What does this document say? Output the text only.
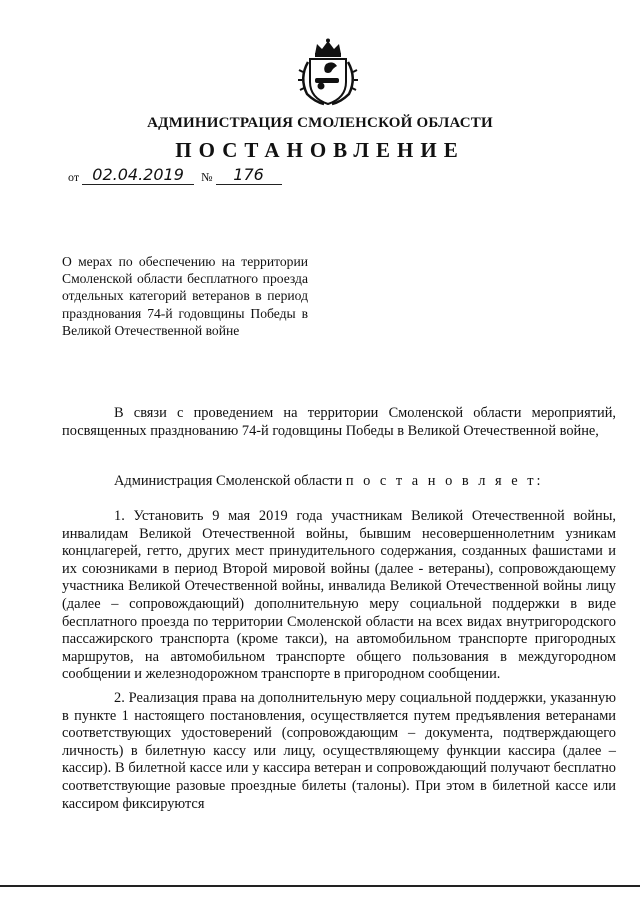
АДМИНИСТРАЦИЯ СМОЛЕНСКОЙ ОБЛАСТИ
ПОСТАНОВЛЕНИЕ
от 02.04.2019 № 176
О мерах по обеспечению на территории Смоленской области бесплатного проезда отдельных категорий ветеранов в период празднования 74-й годовщины Победы в Великой Отечественной войне
В связи с проведением на территории Смоленской области мероприятий, посвященных празднованию 74-й годовщины Победы в Великой Отечественной войне,
Администрация Смоленской области п о с т а н о в л я е т:
1. Установить 9 мая 2019 года участникам Великой Отечественной войны, инвалидам Великой Отечественной войны, бывшим несовершеннолетним узникам концлагерей, гетто, других мест принудительного содержания, созданных фашистами и их союзниками в период Второй мировой войны (далее - ветераны), сопровождающему участника Великой Отечественной войны, инвалида Великой Отечественной войны лицу (далее – сопровождающий) дополнительную меру социальной поддержки в виде бесплатного проезда по территории Смоленской области на всех видах внутригородского пассажирского транспорта (кроме такси), на автомобильном транспорте пригородных маршрутов, на автомобильном транспорте общего пользования в междугородном сообщении и железнодорожном транспорте в пригородном сообщении.
2. Реализация права на дополнительную меру социальной поддержки, указанную в пункте 1 настоящего постановления, осуществляется путем предъявления ветеранами соответствующих удостоверений (сопровождающим – документа, подтверждающего личность) в билетную кассу или лицу, осуществляющему функции кассира (далее – кассир). В билетной кассе или у кассира ветеран и сопровождающий получают бесплатно соответствующие разовые проездные билеты (талоны). При этом в билетной кассе или кассиром фиксируются
